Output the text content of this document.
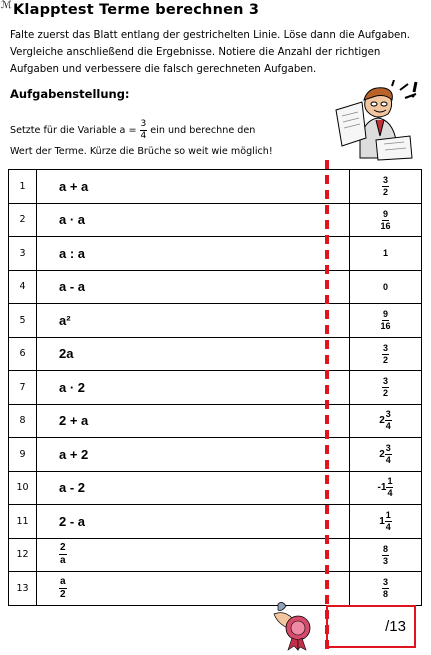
ℳ Klapptest Terme berechnen 3
Falte zuerst das Blatt entlang der gestrichelten Linie. Löse dann die Aufgaben.
Vergleiche anschließend die Ergebnisse. Notiere die Anzahl der richtigen
Aufgaben und verbessere die falsch gerechneten Aufgaben.
Aufgabenstellung:
Setzte für die Variable $a = \frac{3}{4}$ ein und berechne den
Wert der Terme. Kürze die Brüche so weit wie möglich!
1	a + a	$\frac{3}{2}$

2	a · a	$\frac{9}{16}$

3	a : a	1
4	a - a	0
5	a²	$\frac{9}{16}$

6	2a	$\frac{3}{2}$

7	a · 2	$\frac{3}{2}$

8	2 + a	$2 \frac{3}{4}$

9	a + 2	$2 \frac{3}{4}$

10	a - 2	$-1 \frac{1}{4}$

11	2 - a	$1 \frac{1}{4}$

12	$\frac{2}{a}$	$\frac{8}{3}$

13	$\frac{a}{2}$	$\frac{3}{8}$
/13
